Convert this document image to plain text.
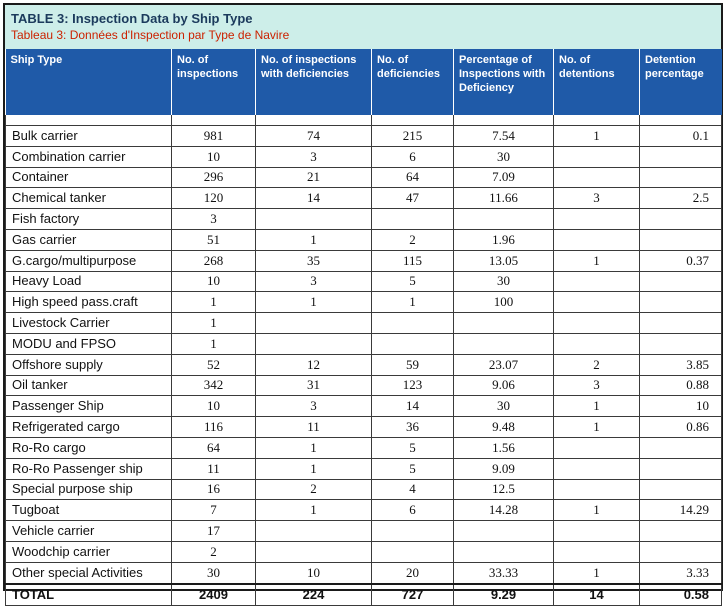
TABLE 3: Inspection Data by Ship Type
Tableau 3: Données d'Inspection par Type de Navire
Ship Type	No. of inspections	No. of inspections with deficiencies	No. of deficiencies	Percentage of Inspections with Deficiency	No. of detentions	Detention percentage

Bulk carrier	981	74	215	7.54	1	0.1
Combination carrier	10	3	6	30		
Container	296	21	64	7.09		
Chemical tanker	120	14	47	11.66	3	2.5
Fish factory	3					
Gas carrier	51	1	2	1.96		
G.cargo/multipurpose	268	35	115	13.05	1	0.37
Heavy Load	10	3	5	30		
High speed pass.craft	1	1	1	100		
Livestock Carrier	1					
MODU and FPSO	1					
Offshore supply	52	12	59	23.07	2	3.85
Oil tanker	342	31	123	9.06	3	0.88
Passenger Ship	10	3	14	30	1	10
Refrigerated cargo	116	11	36	9.48	1	0.86
Ro-Ro cargo	64	1	5	1.56		
Ro-Ro Passenger ship	11	1	5	9.09		
Special purpose ship	16	2	4	12.5		
Tugboat	7	1	6	14.28	1	14.29
Vehicle carrier	17					
Woodchip carrier	2					
Other special Activities	30	10	20	33.33	1	3.33
TOTAL	2409	224	727	9.29	14	0.58
